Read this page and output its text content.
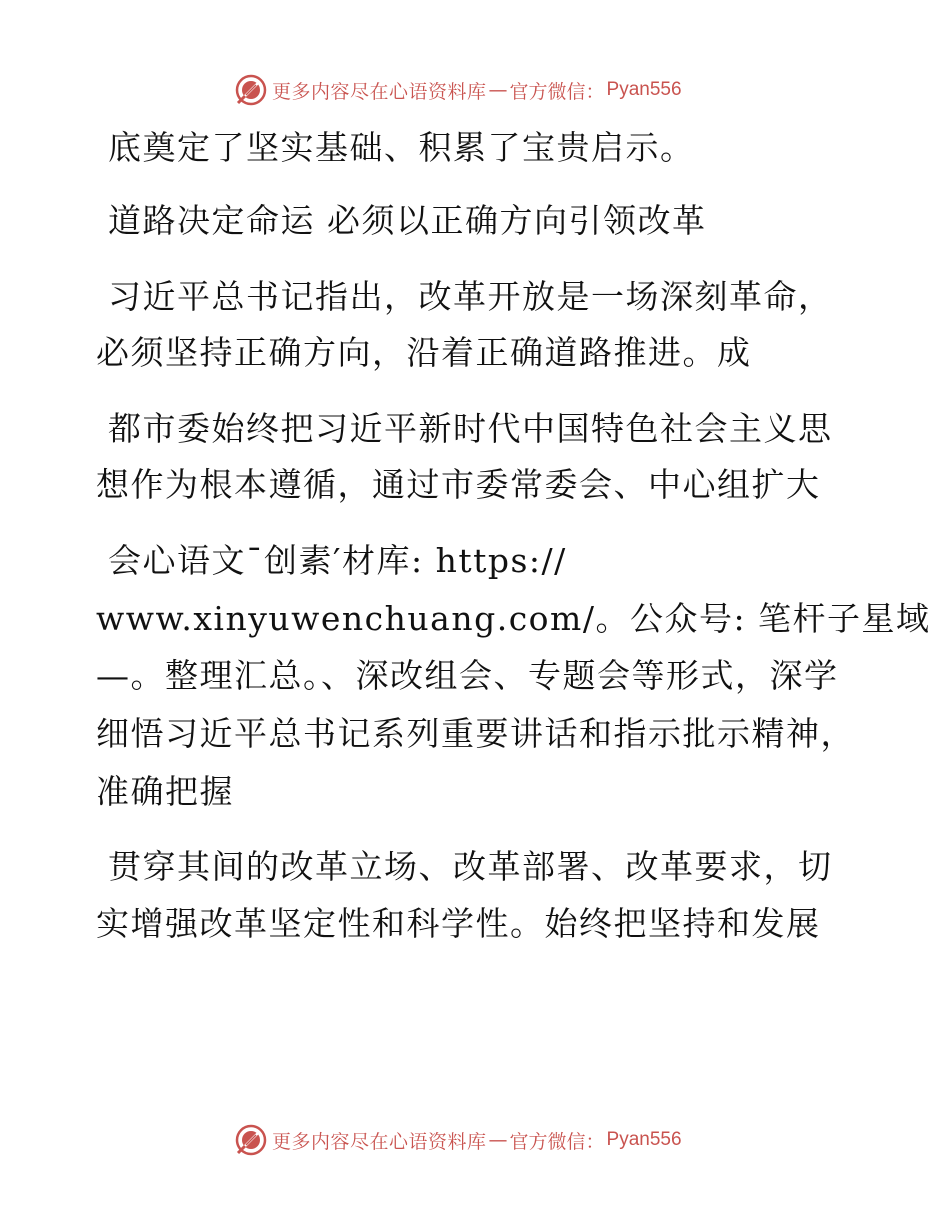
更多内容尽在心语资料库 — 官方微信： Pyan556
底奠定了坚实基础、积累了宝贵启示。
道路决定命运 必须以正确方向引领改革
习近平总书记指出，改革开放是一场深刻革命，
必须坚持正确方向，沿着正确道路推进。成
都市委始终把习近平新时代中国特色社会主义思
想作为根本遵循，通过市委常委会、中心组扩大
会心语文¯创素′材库: https://
www.xinyuwenchuang.com/。公众号: 笔杆子星域
—。整理汇总。、深改组会、专题会等形式，深学
细悟习近平总书记系列重要讲话和指示批示精神，
准确把握
贯穿其间的改革立场、改革部署、改革要求，切
实增强改革坚定性和科学性。始终把坚持和发展
更多内容尽在心语资料库 — 官方微信： Pyan556
